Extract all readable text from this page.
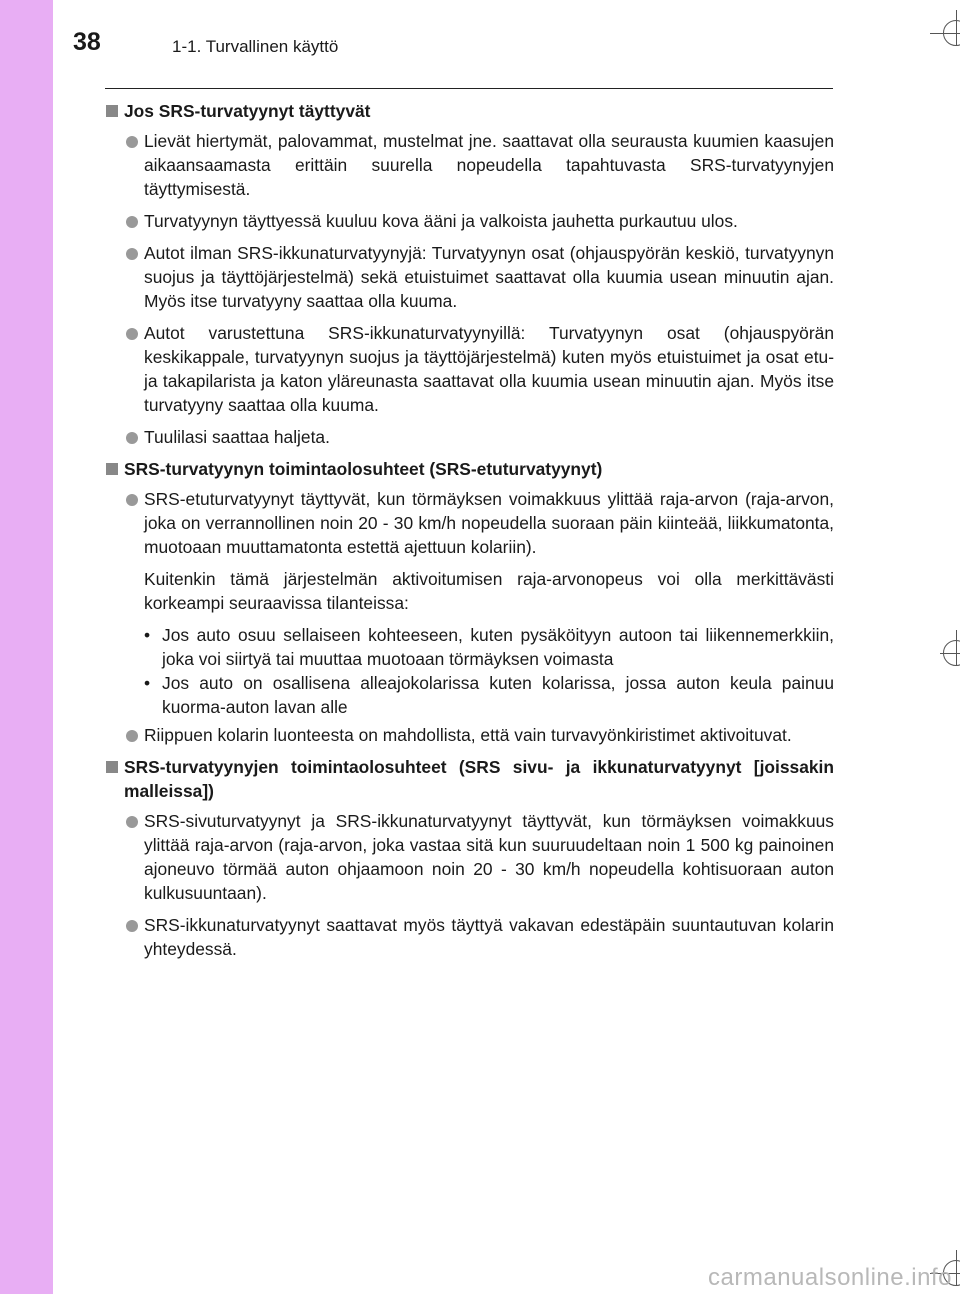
38	1-1. Turvallinen käyttö
Jos SRS-turvatyynyt täyttyvät
Lievät hiertymät, palovammat, mustelmat jne. saattavat olla seurausta kuumien kaasujen aikaansaamasta erittäin suurella nopeudella tapahtuvasta SRS-turvatyynyjen täyttymisestä.
Turvatyynyn täyttyessä kuuluu kova ääni ja valkoista jauhetta purkautuu ulos.
Autot ilman SRS-ikkunaturvatyynyjä: Turvatyynyn osat (ohjauspyörän keskiö, turvatyynyn suojus ja täyttöjärjestelmä) sekä etuistuimet saattavat olla kuumia usean minuutin ajan. Myös itse turvatyyny saattaa olla kuuma.
Autot varustettuna SRS-ikkunaturvatyynyillä: Turvatyynyn osat (ohjauspyörän keskikappale, turvatyynyn suojus ja täyttöjärjestelmä) kuten myös etuistuimet ja osat etu- ja takapilarista ja katon yläreunasta saattavat olla kuumia usean minuutin ajan. Myös itse turvatyyny saattaa olla kuuma.
Tuulilasi saattaa haljeta.
SRS-turvatyynyn toimintaolosuhteet (SRS-etuturvatyynyt)
SRS-etuturvatyynyt täyttyvät, kun törmäyksen voimakkuus ylittää raja-arvon (raja-arvon, joka on verrannollinen noin 20 - 30 km/h nopeudella suoraan päin kiinteää, liikkumatonta, muotoaan muuttamatonta estettä ajettuun kolariin).
Kuitenkin tämä järjestelmän aktivoitumisen raja-arvonopeus voi olla merkittävästi korkeampi seuraavissa tilanteissa:
• Jos auto osuu sellaiseen kohteeseen, kuten pysäköityyn autoon tai liikennemerkkiin, joka voi siirtyä tai muuttaa muotoaan törmäyksen voimasta
• Jos auto on osallisena alleajokolarissa kuten kolarissa, jossa auton keula painuu kuorma-auton lavan alle
Riippuen kolarin luonteesta on mahdollista, että vain turvavyönkiristimet aktivoituvat.
SRS-turvatyynyjen toimintaolosuhteet (SRS sivu- ja ikkunaturvatyynyt [joissakin malleissa])
SRS-sivuturvatyynyt ja SRS-ikkunaturvatyynyt täyttyvät, kun törmäyksen voimakkuus ylittää raja-arvon (raja-arvon, joka vastaa sitä kun suuruudeltaan noin 1 500 kg painoinen ajoneuvo törmää auton ohjaamoon noin 20 - 30 km/h nopeudella kohtisuoraan auton kulkusuuntaan).
SRS-ikkunaturvatyynyt saattavat myös täyttyä vakavan edestäpäin suuntautuvan kolarin yhteydessä.
carmanualsonline.info
